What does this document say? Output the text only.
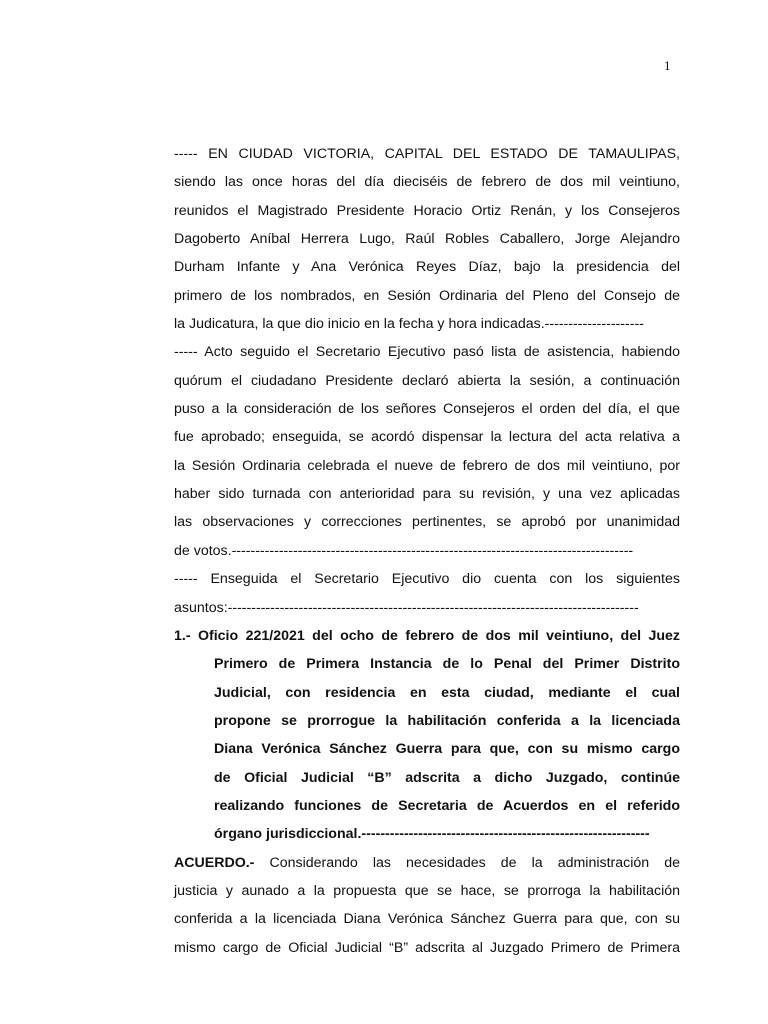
1
----- EN CIUDAD VICTORIA, CAPITAL DEL ESTADO DE TAMAULIPAS,
siendo las once horas del día dieciséis de febrero de dos mil veintiuno,
reunidos el Magistrado Presidente Horacio Ortiz Renán, y los Consejeros
Dagoberto Aníbal Herrera Lugo, Raúl Robles Caballero, Jorge Alejandro
Durham Infante y Ana Verónica Reyes Díaz, bajo la presidencia del
primero de los nombrados, en Sesión Ordinaria del Pleno del Consejo de
la Judicatura, la que dio inicio en la fecha y hora indicadas.---------------------
----- Acto seguido el Secretario Ejecutivo pasó lista de asistencia, habiendo
quórum el ciudadano Presidente declaró abierta la sesión, a continuación
puso a la consideración de los señores Consejeros el orden del día, el que
fue aprobado; enseguida, se acordó dispensar la lectura del acta relativa a
la Sesión Ordinaria celebrada el nueve de febrero de dos mil veintiuno, por
haber sido turnada con anterioridad para su revisión, y una vez aplicadas
las observaciones y correcciones pertinentes, se aprobó por unanimidad
de votos.-------------------------------------------------------------------------------------
----- Enseguida el Secretario Ejecutivo dio cuenta con los siguientes
asuntos:---------------------------------------------------------------------------------------
1.- Oficio 221/2021 del ocho de febrero de dos mil veintiuno, del Juez
Primero de Primera Instancia de lo Penal del Primer Distrito
Judicial, con residencia en esta ciudad, mediante el cual
propone se prorrogue la habilitación conferida a la licenciada
Diana Verónica Sánchez Guerra para que, con su mismo cargo
de Oficial Judicial “B” adscrita a dicho Juzgado, continúe
realizando funciones de Secretaria de Acuerdos en el referido
órgano jurisdiccional.-------------------------------------------------------------
ACUERDO.- Considerando las necesidades de la administración de
justicia y aunado a la propuesta que se hace, se prorroga la habilitación
conferida a la licenciada Diana Verónica Sánchez Guerra para que, con su
mismo cargo de Oficial Judicial “B” adscrita al Juzgado Primero de Primera
